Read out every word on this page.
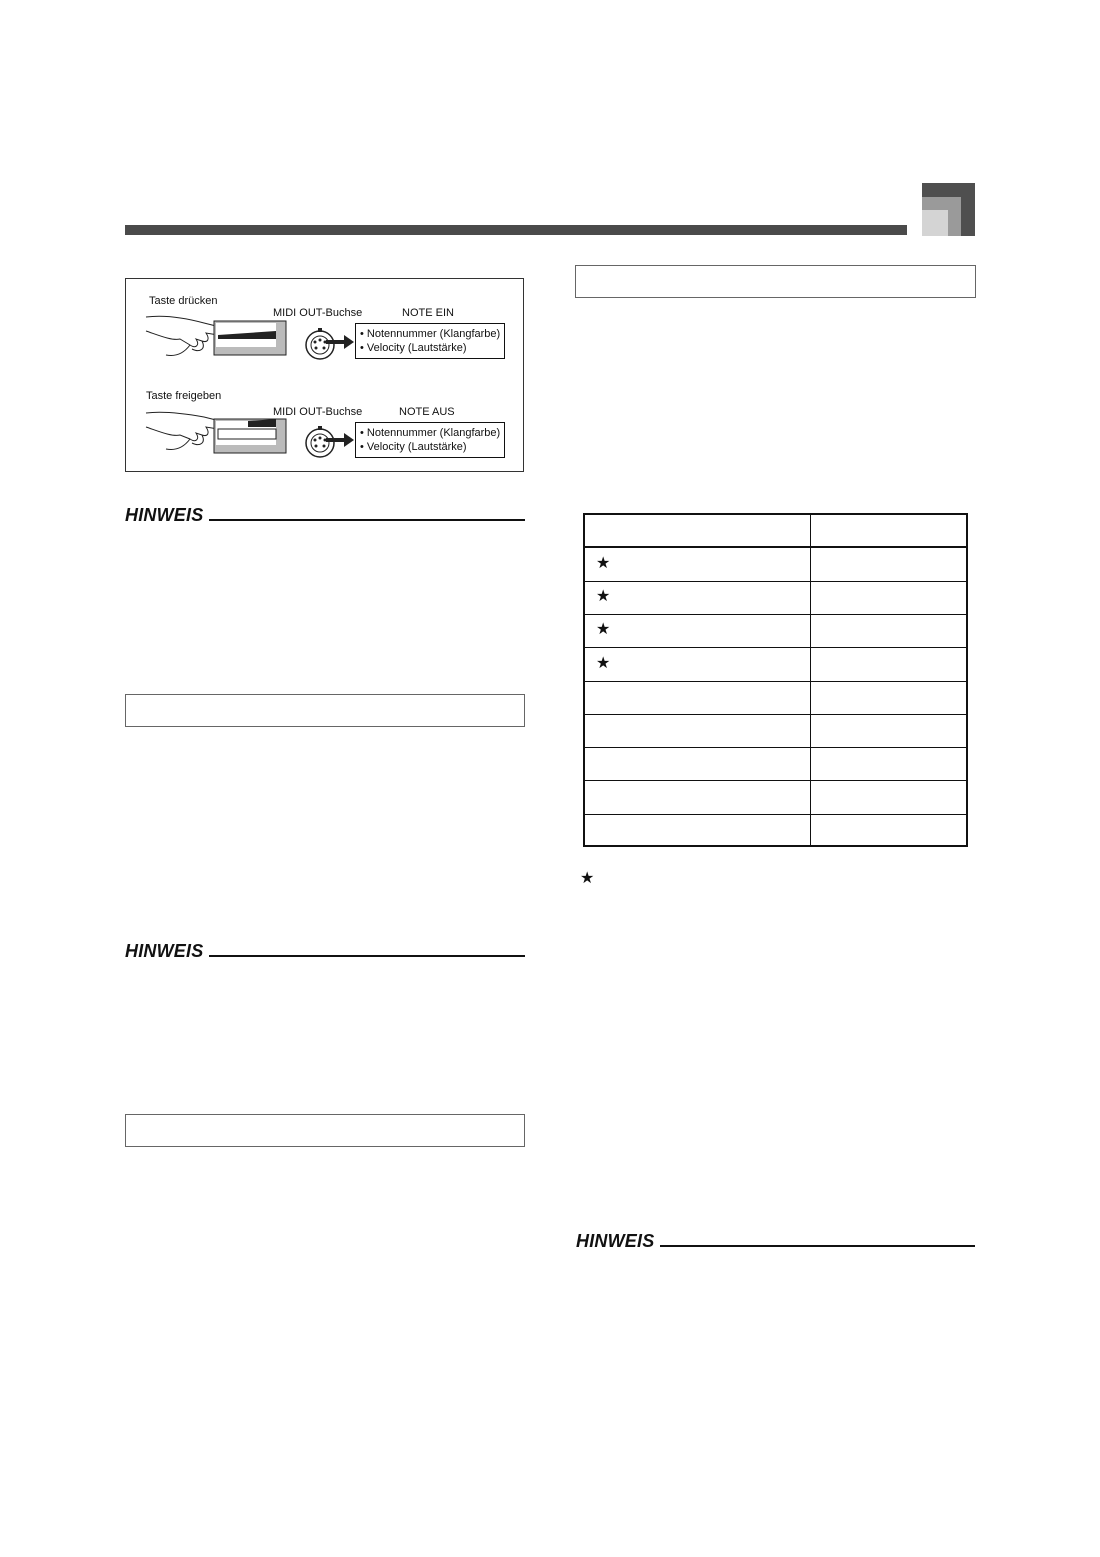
Taste drücken
MIDI OUT-Buchse	NOTE EIN
• Notennummer (Klangfarbe)
• Velocity (Lautstärke)
Taste freigeben
MIDI OUT-Buchse	NOTE AUS
• Notennummer (Klangfarbe)
• Velocity (Lautstärke)
HINWEIS
HINWEIS
★
★
★
★
★
HINWEIS
